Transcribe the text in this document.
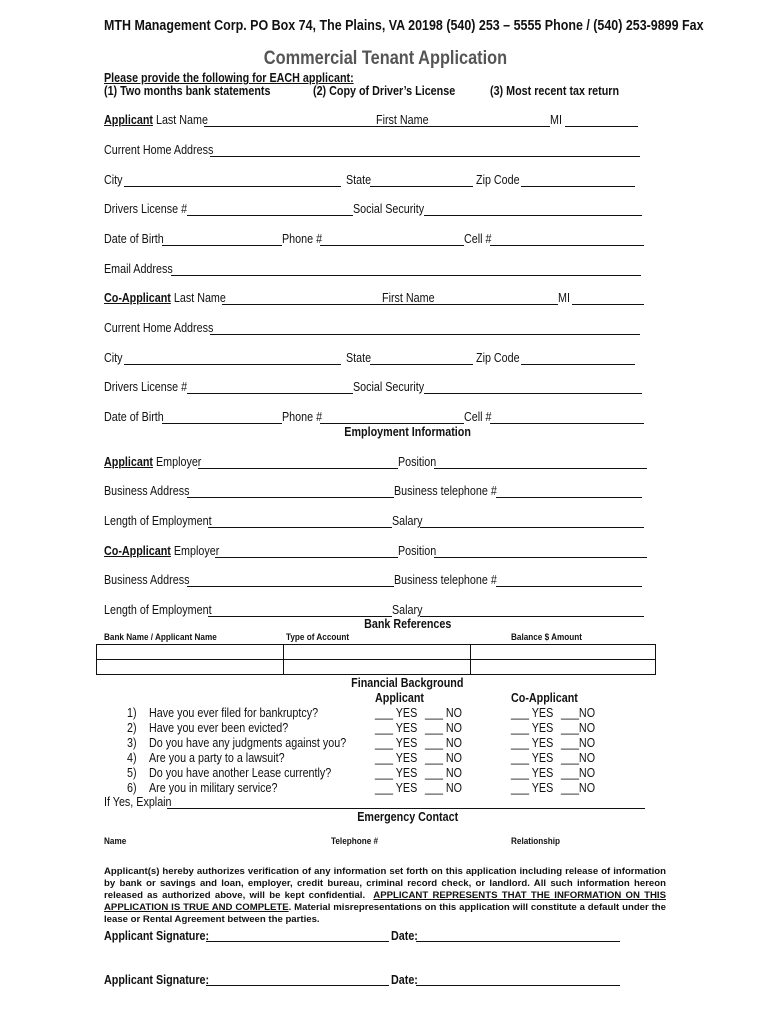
MTH Management Corp. PO Box 74, The Plains, VA 20198 (540) 253 – 5555 Phone / (540) 253-9899 Fax
Commercial Tenant Application
Please provide the following for EACH applicant:
(1) Two months bank statements	(2) Copy of Driver’s License	(3) Most recent tax return
Applicant Last Name	First Name	MI
Current Home Address
City	State	Zip Code
Drivers License #	Social Security
Date of Birth	Phone #	Cell #
Email Address
Co-Applicant Last Name	First Name	MI
Current Home Address
City	State	Zip Code
Drivers License #	Social Security
Date of Birth	Phone #	Cell #
Employment Information
Applicant Employer	Position
Business Address	Business telephone #
Length of Employment	Salary
Co-Applicant Employer	Position
Business Address	Business telephone #
Length of Employment	Salary
Bank References
Bank Name / Applicant Name	Type of Account	Balance $ Amount

Financial Background
Applicant	Co-Applicant
1) Have you ever filed for bankruptcy?	___ YES ___ NO	___ YES ___NO
2) Have you ever been evicted?	___ YES ___ NO	___ YES ___NO
3) Do you have any judgments against you? ___ YES ___ NO	___ YES ___NO
4) Are you a party to a lawsuit?	___ YES ___ NO	___ YES ___NO
5) Do you have another Lease currently?	___ YES ___ NO	___ YES ___NO
6) Are you in military service?	___ YES ___ NO	___ YES ___NO
If Yes, Explain
Emergency Contact
Name	Telephone #	Relationship
Applicant(s) hereby authorizes verification of any information set forth on this application including release of information by bank or savings and loan, employer, credit bureau, criminal record check, or landlord. All such information hereon released as authorized above, will be kept confidential. APPLICANT REPRESENTS THAT THE INFORMATION ON THIS APPLICATION IS TRUE AND COMPLETE. Material misrepresentations on this application will constitute a default under the lease or Rental Agreement between the parties.
Applicant Signature:	Date:
Applicant Signature:	Date:
